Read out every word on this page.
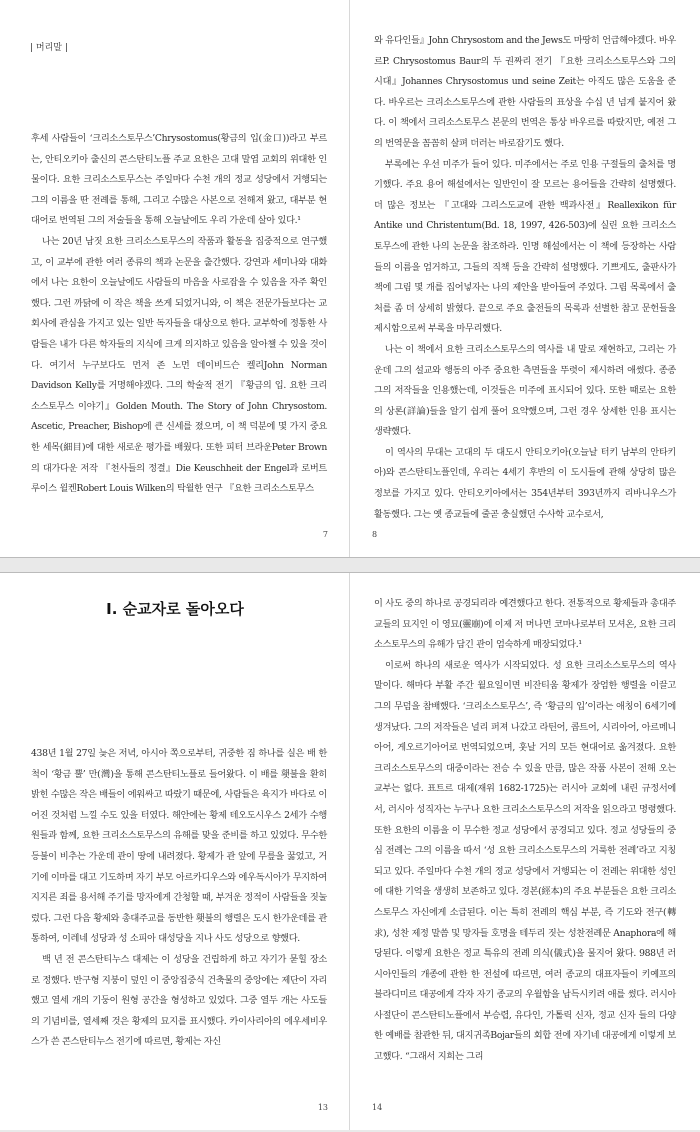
| 머리말 |

후세 사람들이 ‘크리소스토무스’Chrysostomus(황금의 입(金口))라고 부르는, 안티오키아 출신의 콘스탄티노플 주교 요한은 고대 말엽 교회의 위대한 인물이다. 요한 크리소스토무스는 주일마다 수천 개의 정교 성당에서 거행되는 그의 이름을 딴 전례를 통해, 그리고 수많은 사본으로 전해져 왔고, 대부분 현대어로 번역된 그의 저술들을 통해 오늘날에도 우리 가운데 살아 있다.¹

나는 20년 남짓 요한 크리소스토무스의 작품과 활동을 집중적으로 연구했고, 이 교부에 관한 여러 종류의 책과 논문을 출간했다. 강연과 세미나와 대화에서 나는 요한이 오늘날에도 사람들의 마음을 사로잡을 수 있음을 자주 확인했다. 그런 까닭에 이 작은 책을 쓰게 되었거니와, 이 책은 전문가들보다는 교회사에 관심을 가지고 있는 일반 독자들을 대상으로 한다. 교부학에 정통한 사람들은 내가 다른 학자들의 지식에 크게 의지하고 있음을 알아챌 수 있을 것이다. 여기서 누구보다도 먼저 존 노먼 데이비드슨 켈리John Norman Davidson Kelly를 거명해야겠다. 그의 학술적 전기 『황금의 입. 요한 크리소스토무스 이야기』Golden Mouth. The Story of John Chrysostom. Ascetic, Preacher, Bishop에 큰 신세를 졌으며, 이 책 덕분에 몇 가지 중요한 세목(細目)에 대한 새로운 평가를 배웠다. 또한 피터 브라운Peter Brown의 대가다운 저작 『천사들의 정결』Die Keuschheit der Engel과 로버트 루이스 윌켄Robert Louis Wilken의 탁월한 연구 『요한 크리소스토무스

7

와 유다인들』John Chrysostom and the Jews도 마땅히 언급해야겠다. 바우르P. Chrysostomus Baur의 두 권짜리 전기 『요한 크리소스토무스와 그의 시대』Johannes Chrysostomus und seine Zeit는 아직도 많은 도움을 준다. 바우르는 크리소스토무스에 관한 사람들의 표상을 수십 년 넘게 붙지어 왔다. 이 책에서 크리소스토무스 본문의 번역은 통상 바우르를 따랐지만, 예전 그의 번역문을 꼼꼼히 살펴 더러는 바로잡기도 했다.

부록에는 우선 미주가 들어 있다. 미주에서는 주로 인용 구절들의 출처를 명기했다. 주요 용어 해설에서는 일반인이 잘 모르는 용어들을 간략히 설명했다. 더 많은 정보는 『고대와 그리스도교에 관한 백과사전』Reallexikon für Antike und Christentum(Bd. 18, 1997, 426-503)에 실린 요한 크리소스토무스에 관한 나의 논문을 참조하라. 인명 해설에서는 이 책에 등장하는 사람들의 이름을 엄거하고, 그들의 직책 등을 간략히 설명했다. 기쁘게도, 출판사가 책에 그림 몇 개를 집어넣자는 나의 제안을 받아들여 주었다. 그림 목록에서 출처를 좀 더 상세히 밝혔다. 끝으로 주요 출전들의 목록과 선별한 참고 문헌들을 제시함으로써 부록을 마무리했다.

나는 이 책에서 요한 크리소스토무스의 역사를 내 말로 재현하고, 그리는 가운데 그의 설교와 행동의 아주 중요한 측면들을 뚜렷이 제시하려 애썼다. 종종 그의 저작들을 인용했는데, 이것들은 미주에 표시되어 있다. 또한 때로는 요한의 상론(詳論)들을 알기 쉽게 풀어 요약했으며, 그런 경우 상세한 인용 표시는 생략했다.

이 역사의 무대는 고대의 두 대도시 안티오키아(오늘날 터키 남부의 안타키아)와 콘스탄티노플인데, 우리는 4세기 후반의 이 도시들에 관해 상당히 많은 정보를 가지고 있다. 안티오키아에서는 354년부터 393년까지 리바니우스가 활동했다. 그는 옛 종교들에 줄곧 충실했던 수사학 교수로서,

8
I. 순교자로 돌아오다

438년 1월 27일 늦은 저녁, 아시아 쪽으로부터, 귀중한 짐 하나를 실은 배 한 척이 ‘황금 뿔’ 만(灣)을 통해 콘스탄티노플로 들어왔다. 이 배를 횃불을 환히 밝힌 수많은 작은 배들이 에워싸고 따랐기 때문에, 사람들은 육지가 바다로 이어진 것처럼 느낄 수도 있을 터였다. 해안에는 황제 테오도시우스 2세가 수행원들과 함께, 요한 크리소스토무스의 유해를 맞을 준비를 하고 있었다. 무수한 등불이 비추는 가운데 관이 땅에 내려졌다. 황제가 관 앞에 무릎을 꿇었고, 거기에 이마를 대고 기도하며 자기 부모 아르카디우스와 에우독시아가 무지하여 지지른 죄를 용서해 주기를 망자에게 간청할 때, 부겨운 정적이 사람들을 짓눌렀다. 그런 다음 황제와 총대주교를 동반한 횃불의 행렬은 도시 한가운데를 관통하여, 이레네 성당과 성 소피아 대성당을 지나 사도 성당으로 향했다.

백 년 전 콘스탄티누스 대제는 이 성당을 건립하게 하고 자기가 묻힐 장소로 정했다. 반구형 지붕이 덮인 이 중앙집중식 건축물의 중앙에는 제단이 자리했고 열세 개의 기둥이 원형 공간을 형성하고 있었다. 그중 열두 개는 사도들의 기념비를, 열세째 것은 황제의 묘지를 표시했다. 카이사리아의 에우세비우스가 쓴 콘스탄티누스 전기에 따르면, 황제는 자신

13

이 사도 중의 하나로 공경되리라 예견했다고 한다. 전통적으로 황제들과 총대주교들의 묘지인 이 영묘(靈廟)에 이제 저 머나먼 코마나로부터 모셔온, 요한 크리소스토무스의 유해가 담긴 관이 엄숙하게 매장되었다.¹

이로써 하나의 새로운 역사가 시작되었다. 성 요한 크리소스토무스의 역사 말이다. 해마다 부활 주간 월요일이면 비잔티움 황제가 장엄한 행렬을 이끌고 그의 무덤을 참배했다. ‘크리소스토무스’, 즉 ‘황금의 입’이라는 애칭이 6세기에 생겨났다. 그의 저작들은 널리 퍼져 나갔고 라틴어, 콥트어, 시리아어, 아르메니아어, 게오르기아어로 번역되었으며, 훗날 거의 모든 현대어로 옮겨졌다. 요한 크리소스토무스의 대중이라는 전승 수 있을 만큼, 많은 작품 사본이 전해 오는 교부는 없다. 표트르 대제(재위 1682-1725)는 러시아 교회에 내린 규정서에서, 러시아 성직자는 누구나 요한 크리소스토무스의 저작을 읽으라고 명령했다. 또한 요한의 이름을 이 무수한 정교 성당에서 공경되고 있다. 정교 성당들의 중심 전례는 그의 이름을 따서 ‘성 요한 크리소스토무스의 거룩한 전례’라고 지칭되고 있다. 주일마다 수천 개의 정교 성당에서 거행되는 이 전례는 위대한 성인에 대한 기억을 생생히 보존하고 있다. 경본(經本)의 주요 부분들은 요한 크리소스토무스 자신에게 소급된다. 이는 특히 전례의 핵심 부분, 즉 기도와 전구(轉求), 성찬 제정 말씀 및 망자들 호명을 테두리 짓는 성찬전례문 Anaphora에 해당된다. 이렇게 요한은 정교 특유의 전례 의식(儀式)을 물지어 왔다. 988년 러시아인들의 개종에 관한 한 전설에 따르면, 여러 종교의 대표자들이 키예프의 블라디미르 대공에게 각자 자기 종교의 우월함을 납득시키려 애를 썼다. 러시아 사절단이 콘스탄티노플에서 부승렵, 유다인, 가톨릭 신자, 정교 신자 들의 다양한 예배를 참관한 뒤, 대지귀족Bojar들의 회합 전에 자기네 대공에게 이렇게 보고했다. “그래서 지희는 그리

14
